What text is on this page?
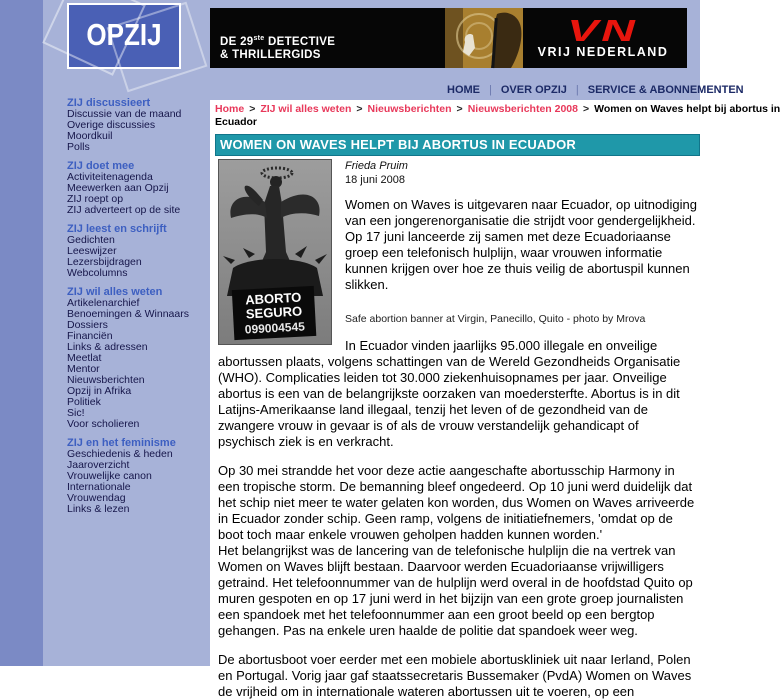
OPZIJ
ZIJ discussieert
Discussie van de maand
Overige discussies
Moordkuil
Polls
ZIJ doet mee
Activiteitenagenda
Meewerken aan Opzij
ZIJ roept op
ZIJ adverteert op de site
ZIJ leest en schrijft
Gedichten
Leeswijzer
Lezersbijdragen
Webcolumns
ZIJ wil alles weten
Artikelenarchief
Benoemingen & Winnaars
Dossiers
Financiën
Links & adressen
Meetlat
Mentor
Nieuwsberichten
Opzij in Afrika
Politiek
Sic!
Voor scholieren
ZIJ en het feminisme
Geschiedenis & heden
Jaaroverzicht
Vrouwelijke canon
Internationale
Vrouwendag
Links & lezen
DE 29ste DETECTIVE
& THRILLERGIDS
VN
VRIJ NEDERLAND
HOME | OVER OPZIJ | SERVICE & ABONNEMENTEN
Home > ZIJ wil alles weten > Nieuwsberichten > Nieuwsberichten 2008 > Women on Waves helpt bij abortus in
Ecuador
WOMEN ON WAVES HELPT BIJ ABORTUS IN ECUADOR
ABORTO
SEGURO
099004545
Frieda Pruim
18 juni 2008

Women on Waves is uitgevaren naar Ecuador, op uitnodiging van een jongerenorganisatie die strijdt voor gendergelijkheid. Op 17 juni lanceerde zij samen met deze Ecuadoriaanse groep een telefonisch hulplijn, waar vrouwen informatie kunnen krijgen over hoe ze thuis veilig de abortuspil kunnen slikken.

Safe abortion banner at Virgin, Panecillo, Quito - photo by Mrova

In Ecuador vinden jaarlijks 95.000 illegale en onveilige abortussen plaats, volgens schattingen van de Wereld Gezondheids Organisatie (WHO). Complicaties leiden tot 30.000 ziekenhuisopnames per jaar. Onveilige abortus is een van de belangrijkste oorzaken van moedersterfte. Abortus is in dit Latijns-Amerikaanse land illegaal, tenzij het leven of de gezondheid van de zwangere vrouw in gevaar is of als de vrouw verstandelijk gehandicapt of psychisch ziek is en verkracht.

Op 30 mei strandde het voor deze actie aangeschafte abortusschip Harmony in een tropische storm. De bemanning bleef ongedeerd. Op 10 juni werd duidelijk dat het schip niet meer te water gelaten kon worden, dus Women on Waves arriveerde in Ecuador zonder schip. Geen ramp, volgens de initiatiefnemers, 'omdat op de boot toch maar enkele vrouwen geholpen hadden kunnen worden.'

Het belangrijkst was de lancering van de telefonische hulplijn die na vertrek van Women on Waves blijft bestaan. Daarvoor werden Ecuadoriaanse vrijwilligers getraind. Het telefoonnummer van de hulplijn werd overal in de hoofdstad Quito op muren gespoten en op 17 juni werd in het bijzijn van een grote groep journalisten een spandoek met het telefoonnummer aan een groot beeld op een bergtop gehangen. Pas na enkele uren haalde de politie dat spandoek weer weg.

De abortusboot voer eerder met een mobiele abortuskliniek uit naar Ierland, Polen en Portugal. Vorig jaar gaf staatssecretaris Bussemaker (PvdA) Women on Waves de vrijheid om in internationale wateren abortussen uit te voeren, op een
